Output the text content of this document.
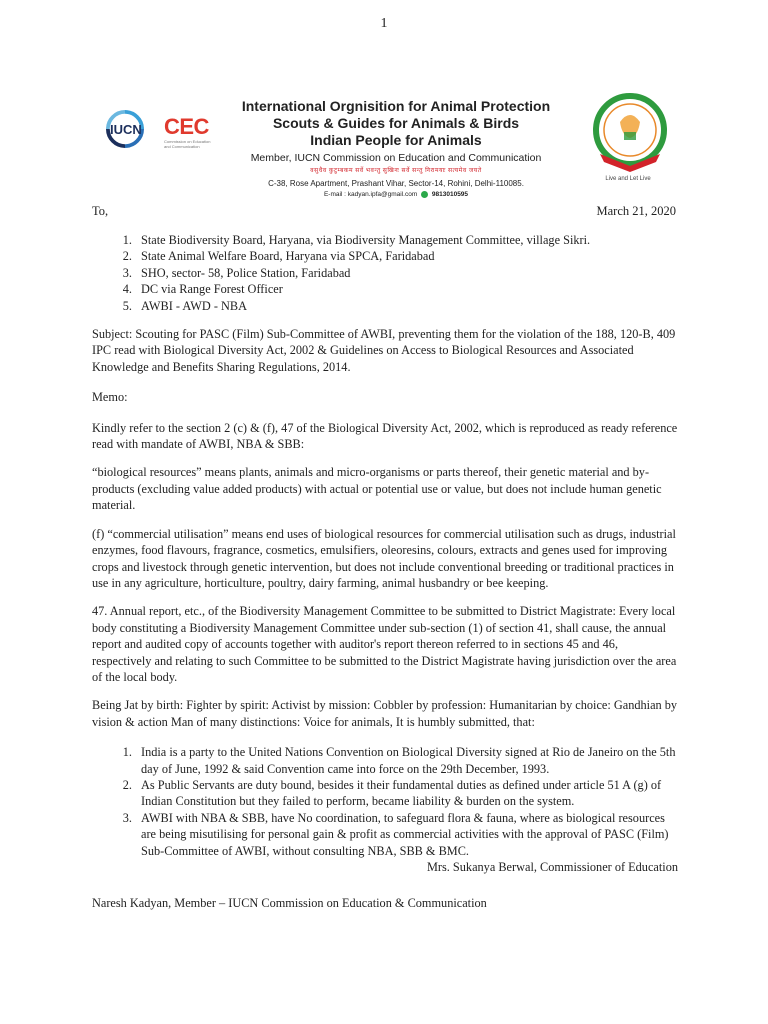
1
IUCN CEC
Commission on Education and Communication
International Orgnisition for Animal Protection
Scouts & Guides for Animals & Birds
Indian People for Animals
Member, IUCN Commission on Education and Communication
वसुधैव कुटुम्बकम सर्वे भवन्तु सुखिनः सर्वे सन्तु निरामयाः सत्यमेव जयते
C-38, Rose Apartment, Prashant Vihar, Sector-14, Rohini, Delhi-110085.
E-mail : kadyan.ipfa@gmail.com 9813010595
Live and Let Live
To,	March 21, 2020
1. State Biodiversity Board, Haryana, via Biodiversity Management Committee, village Sikri.
2. State Animal Welfare Board, Haryana via SPCA, Faridabad
3. SHO, sector- 58, Police Station, Faridabad
4. DC via Range Forest Officer
5. AWBI - AWD - NBA

Subject: Scouting for PASC (Film) Sub-Committee of AWBI, preventing them for the violation of the 188, 120-B, 409 IPC read with Biological Diversity Act, 2002 & Guidelines on Access to Biological Resources and Associated Knowledge and Benefits Sharing Regulations, 2014.

Memo:

Kindly refer to the section 2 (c) & (f), 47 of the Biological Diversity Act, 2002, which is reproduced as ready reference read with mandate of AWBI, NBA & SBB:

“biological resources” means plants, animals and micro-organisms or parts thereof, their genetic material and by-products (excluding value added products) with actual or potential use or value, but does not include human genetic material.

(f) “commercial utilisation” means end uses of biological resources for commercial utilisation such as drugs, industrial enzymes, food flavours, fragrance, cosmetics, emulsifiers, oleoresins, colours, extracts and genes used for improving crops and livestock through genetic intervention, but does not include conventional breeding or traditional practices in use in any agriculture, horticulture, poultry, dairy farming, animal husbandry or bee keeping.

47. Annual report, etc., of the Biodiversity Management Committee to be submitted to District Magistrate: Every local body constituting a Biodiversity Management Committee under sub-section (1) of section 41, shall cause, the annual report and audited copy of accounts together with auditor's report thereon referred to in sections 45 and 46, respectively and relating to such Committee to be submitted to the District Magistrate having jurisdiction over the area of the local body.

Being Jat by birth: Fighter by spirit: Activist by mission: Cobbler by profession: Humanitarian by choice: Gandhian by vision & action Man of many distinctions: Voice for animals, It is humbly submitted, that:

1. India is a party to the United Nations Convention on Biological Diversity signed at Rio de Janeiro on the 5th day of June, 1992 & said Convention came into force on the 29th December, 1993.
2. As Public Servants are duty bound, besides it their fundamental duties as defined under article 51 A (g) of Indian Constitution but they failed to perform, became liability & burden on the system.
3. AWBI with NBA & SBB, have No coordination, to safeguard flora & fauna, where as biological resources are being misutilising for personal gain & profit as commercial activities with the approval of PASC (Film) Sub-Committee of AWBI, without consulting NBA, SBB & BMC.
Mrs. Sukanya Berwal, Commissioner of Education
Naresh Kadyan, Member – IUCN Commission on Education & Communication
